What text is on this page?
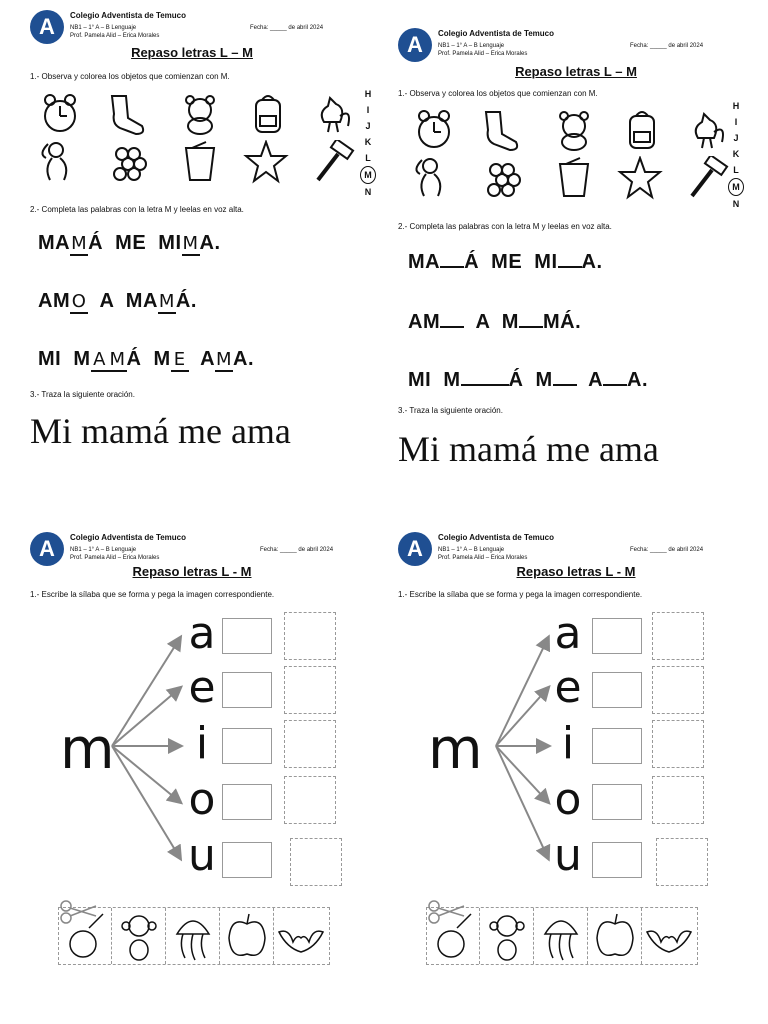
A	Colegio Adventista de Temuco
NB1 – 1° A – B Lenguaje
Prof. Pamela Alid – Erica Morales
Fecha: _____ de abril 2024
Repaso letras L – M
1.- Observa y colorea los objetos que comienzan con M.
H
I
J
K
L
M
N
2.- Completa las palabras con la letra M y leelas en voz alta.
MAMÁ  ME  MIMA.
AMO  A  MAMÁ.
MI  M A MÁ  M E  AMA.
3.- Traza la siguiente oración.
Mi mamá me ama
A	Colegio Adventista de Temuco
NB1 – 1° A – B Lenguaje
Prof. Pamela Alid – Erica Morales
Fecha: _____ de abril 2024
Repaso letras L – M
1.- Observa y colorea los objetos que comienzan con M.
H
I
J
K
L
M
N
2.- Completa las palabras con la letra M y leelas en voz alta.
MA Á  ME  MI A.
AM  A  M MÁ.
MI  M Á  M  A A.
3.- Traza la siguiente oración.
Mi mamá me ama
A	Colegio Adventista de Temuco
NB1 – 1° A – B Lenguaje
Prof. Pamela Alid – Erica Morales
Fecha: _____ de abril 2024
Repaso letras L - M
1.- Escribe la sílaba que se forma y pega la imagen correspondiente.
m
a
e
i
o
u
A	Colegio Adventista de Temuco
NB1 – 1° A – B Lenguaje
Prof. Pamela Alid – Erica Morales
Fecha: _____ de abril 2024
Repaso letras L - M
1.- Escribe la sílaba que se forma y pega la imagen correspondiente.
m
a
e
i
o
u
